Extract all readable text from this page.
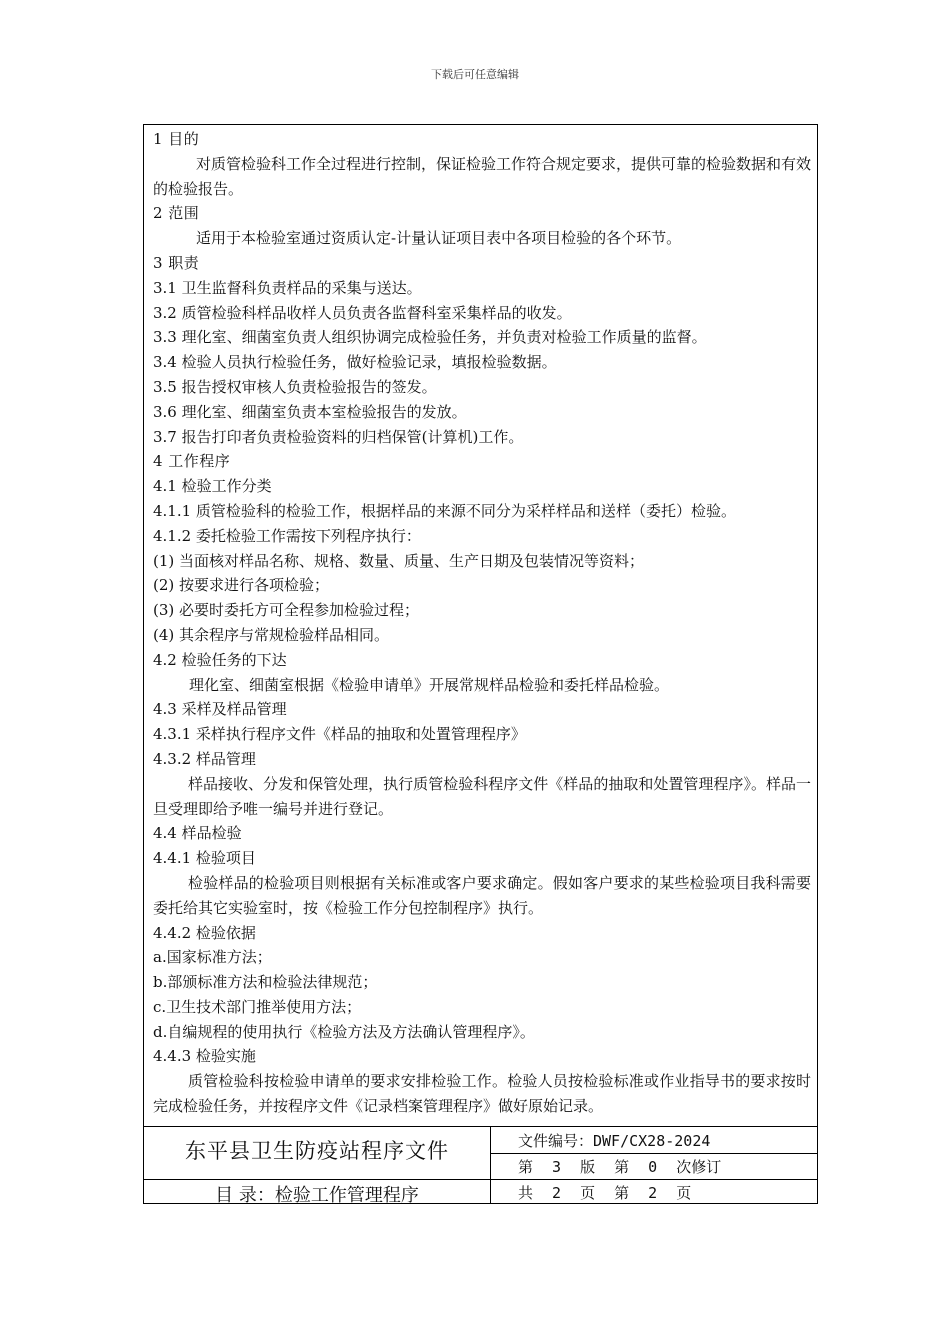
下载后可任意编辑
1 目的
对质管检验科工作全过程进行控制，保证检验工作符合规定要求，提供可靠的检验数据和有效的检验报告。
2 范围
适用于本检验室通过资质认定-计量认证项目表中各项目检验的各个环节。
3 职责
3.1 卫生监督科负责样品的采集与送达。
3.2 质管检验科样品收样人员负责各监督科室采集样品的收发。
3.3 理化室、细菌室负责人组织协调完成检验任务，并负责对检验工作质量的监督。
3.4 检验人员执行检验任务，做好检验记录，填报检验数据。
3.5 报告授权审核人负责检验报告的签发。
3.6 理化室、细菌室负责本室检验报告的发放。
3.7 报告打印者负责检验资料的归档保管(计算机)工作。
4 工作程序
4.1 检验工作分类
4.1.1 质管检验科的检验工作，根据样品的来源不同分为采样样品和送样（委托）检验。
4.1.2 委托检验工作需按下列程序执行：
(1) 当面核对样品名称、规格、数量、质量、生产日期及包装情况等资料；
(2) 按要求进行各项检验；
(3) 必要时委托方可全程参加检验过程；
(4) 其余程序与常规检验样品相同。
4.2 检验任务的下达
理化室、细菌室根据《检验申请单》开展常规样品检验和委托样品检验。
4.3 采样及样品管理
4.3.1 采样执行程序文件《样品的抽取和处置管理程序》
4.3.2 样品管理
样品接收、分发和保管处理，执行质管检验科程序文件《样品的抽取和处置管理程序》。样品一旦受理即给予唯一编号并进行登记。
4.4 样品检验
4.4.1 检验项目
检验样品的检验项目则根据有关标准或客户要求确定。假如客户要求的某些检验项目我科需要委托给其它实验室时，按《检验工作分包控制程序》执行。
4.4.2 检验依据
a.国家标准方法；
b.部颁标准方法和检验法律规范；
c.卫生技术部门推举使用方法；
d.自编规程的使用执行《检验方法及方法确认管理程序》。
4.4.3 检验实施
质管检验科按检验申请单的要求安排检验工作。检验人员按检验标准或作业指导书的要求按时完成检验任务，并按程序文件《记录档案管理程序》做好原始记录。
东平县卫生防疫站程序文件
目 录：检验工作管理程序
文件编号：DWF/CX28-2024
第 3 版 第 0 次修订
共 2 页 第 2 页
